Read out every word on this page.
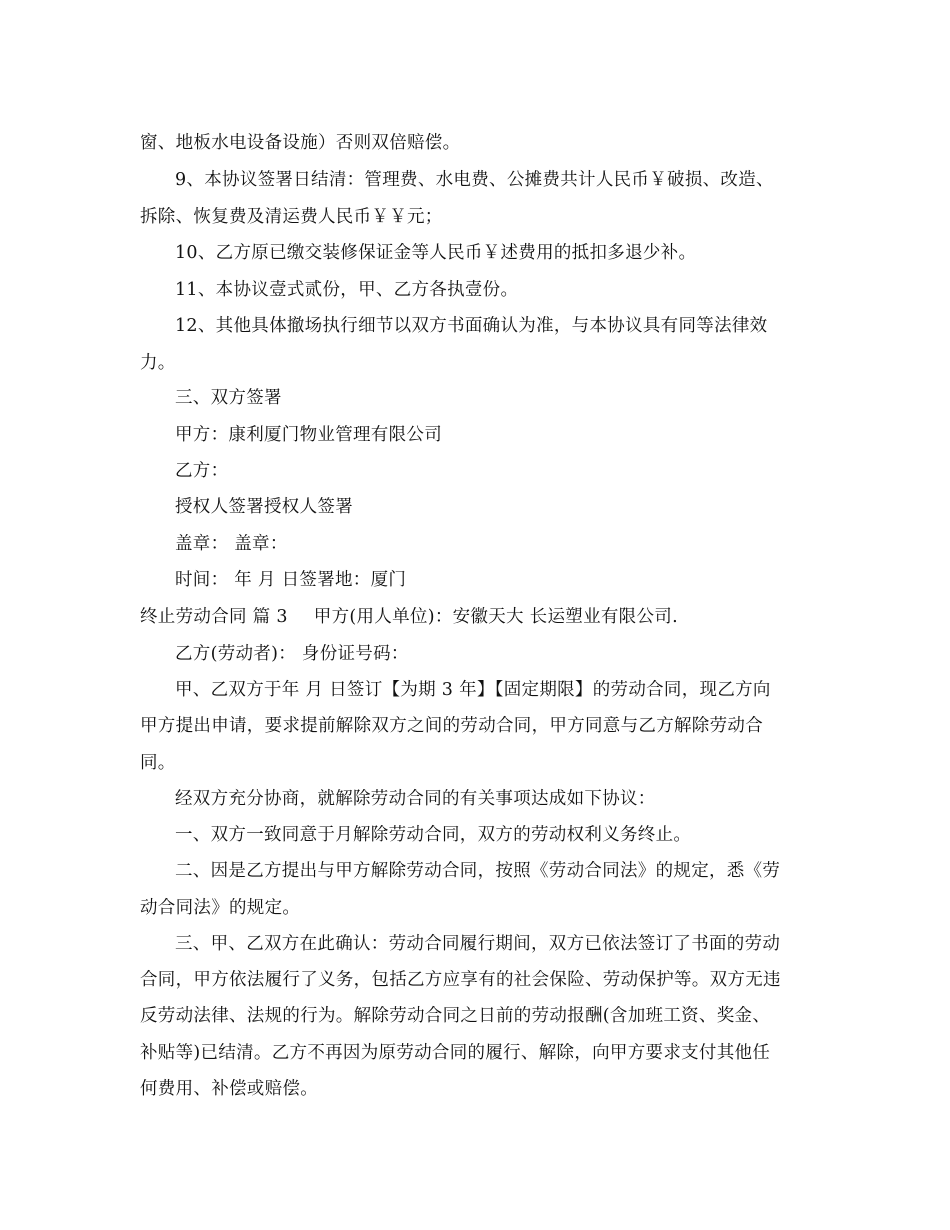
窗、地板水电设备设施）否则双倍赔偿。
9、本协议签署日结清：管理费、水电费、公摊费共计人民币￥破损、改造、
拆除、恢复费及清运费人民币￥￥元；
10、乙方原已缴交装修保证金等人民币￥述费用的抵扣多退少补。
11、本协议壹式贰份，甲、乙方各执壹份。
12、其他具体撤场执行细节以双方书面确认为准，与本协议具有同等法律效
力。
三、双方签署
甲方：康利厦门物业管理有限公司
乙方：
授权人签署授权人签署
盖章： 盖章：
时间： 年 月 日签署地：厦门
终止劳动合同 篇 3 甲方(用人单位)：安徽天大 长运塑业有限公司.
乙方(劳动者)： 身份证号码：
甲、乙双方于年 月 日签订【为期 3 年】【固定期限】的劳动合同，现乙方向
甲方提出申请，要求提前解除双方之间的劳动合同，甲方同意与乙方解除劳动合
同。
经双方充分协商，就解除劳动合同的有关事项达成如下协议：
一、双方一致同意于月解除劳动合同，双方的劳动权利义务终止。
二、因是乙方提出与甲方解除劳动合同，按照《劳动合同法》的规定，悉《劳
动合同法》的规定。
三、甲、乙双方在此确认：劳动合同履行期间，双方已依法签订了书面的劳动
合同，甲方依法履行了义务，包括乙方应享有的社会保险、劳动保护等。双方无违
反劳动法律、法规的行为。解除劳动合同之日前的劳动报酬(含加班工资、奖金、
补贴等)已结清。乙方不再因为原劳动合同的履行、解除，向甲方要求支付其他任
何费用、补偿或赔偿。
